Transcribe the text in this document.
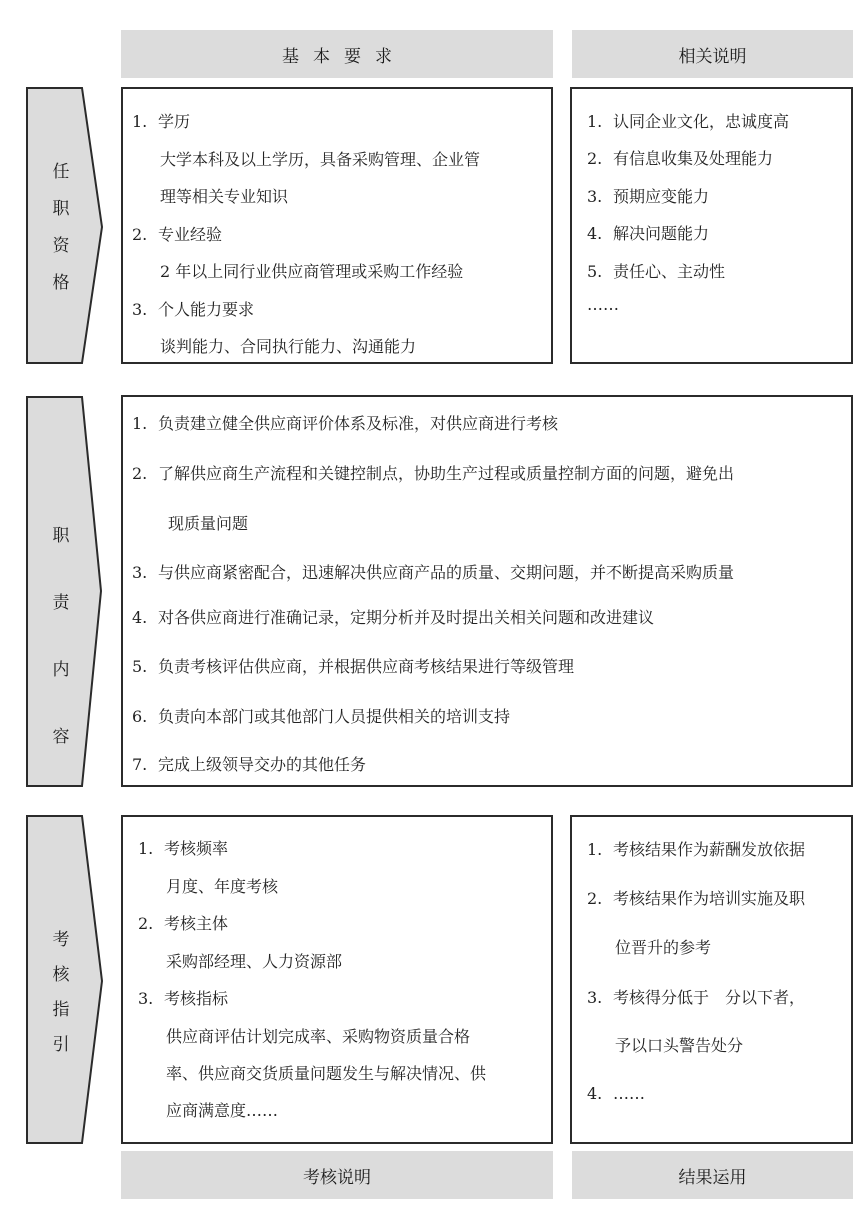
基本要求	相关说明
任
职
资
格
1. 学历
大学本科及以上学历，具备采购管理、企业管
理等相关专业知识
2. 专业经验
2 年以上同行业供应商管理或采购工作经验
3. 个人能力要求
谈判能力、合同执行能力、沟通能力
1. 认同企业文化，忠诚度高
2. 有信息收集及处理能力
3. 预期应变能力
4. 解决问题能力
5. 责任心、主动性
……
职
责
内
容
1. 负责建立健全供应商评价体系及标准，对供应商进行考核
2. 了解供应商生产流程和关键控制点，协助生产过程或质量控制方面的问题，避免出
现质量问题
3. 与供应商紧密配合，迅速解决供应商产品的质量、交期问题，并不断提高采购质量
4. 对各供应商进行准确记录，定期分析并及时提出关相关问题和改进建议
5. 负责考核评估供应商，并根据供应商考核结果进行等级管理
6. 负责向本部门或其他部门人员提供相关的培训支持
7. 完成上级领导交办的其他任务
考
核
指
引
1. 考核频率
月度、年度考核
2. 考核主体
采购部经理、人力资源部
3. 考核指标
供应商评估计划完成率、采购物资质量合格
率、供应商交货质量问题发生与解决情况、供
应商满意度……
1. 考核结果作为薪酬发放依据
2. 考核结果作为培训实施及职
位晋升的参考
3. 考核得分低于　分以下者，
予以口头警告处分
4. ……
考核说明	结果运用
